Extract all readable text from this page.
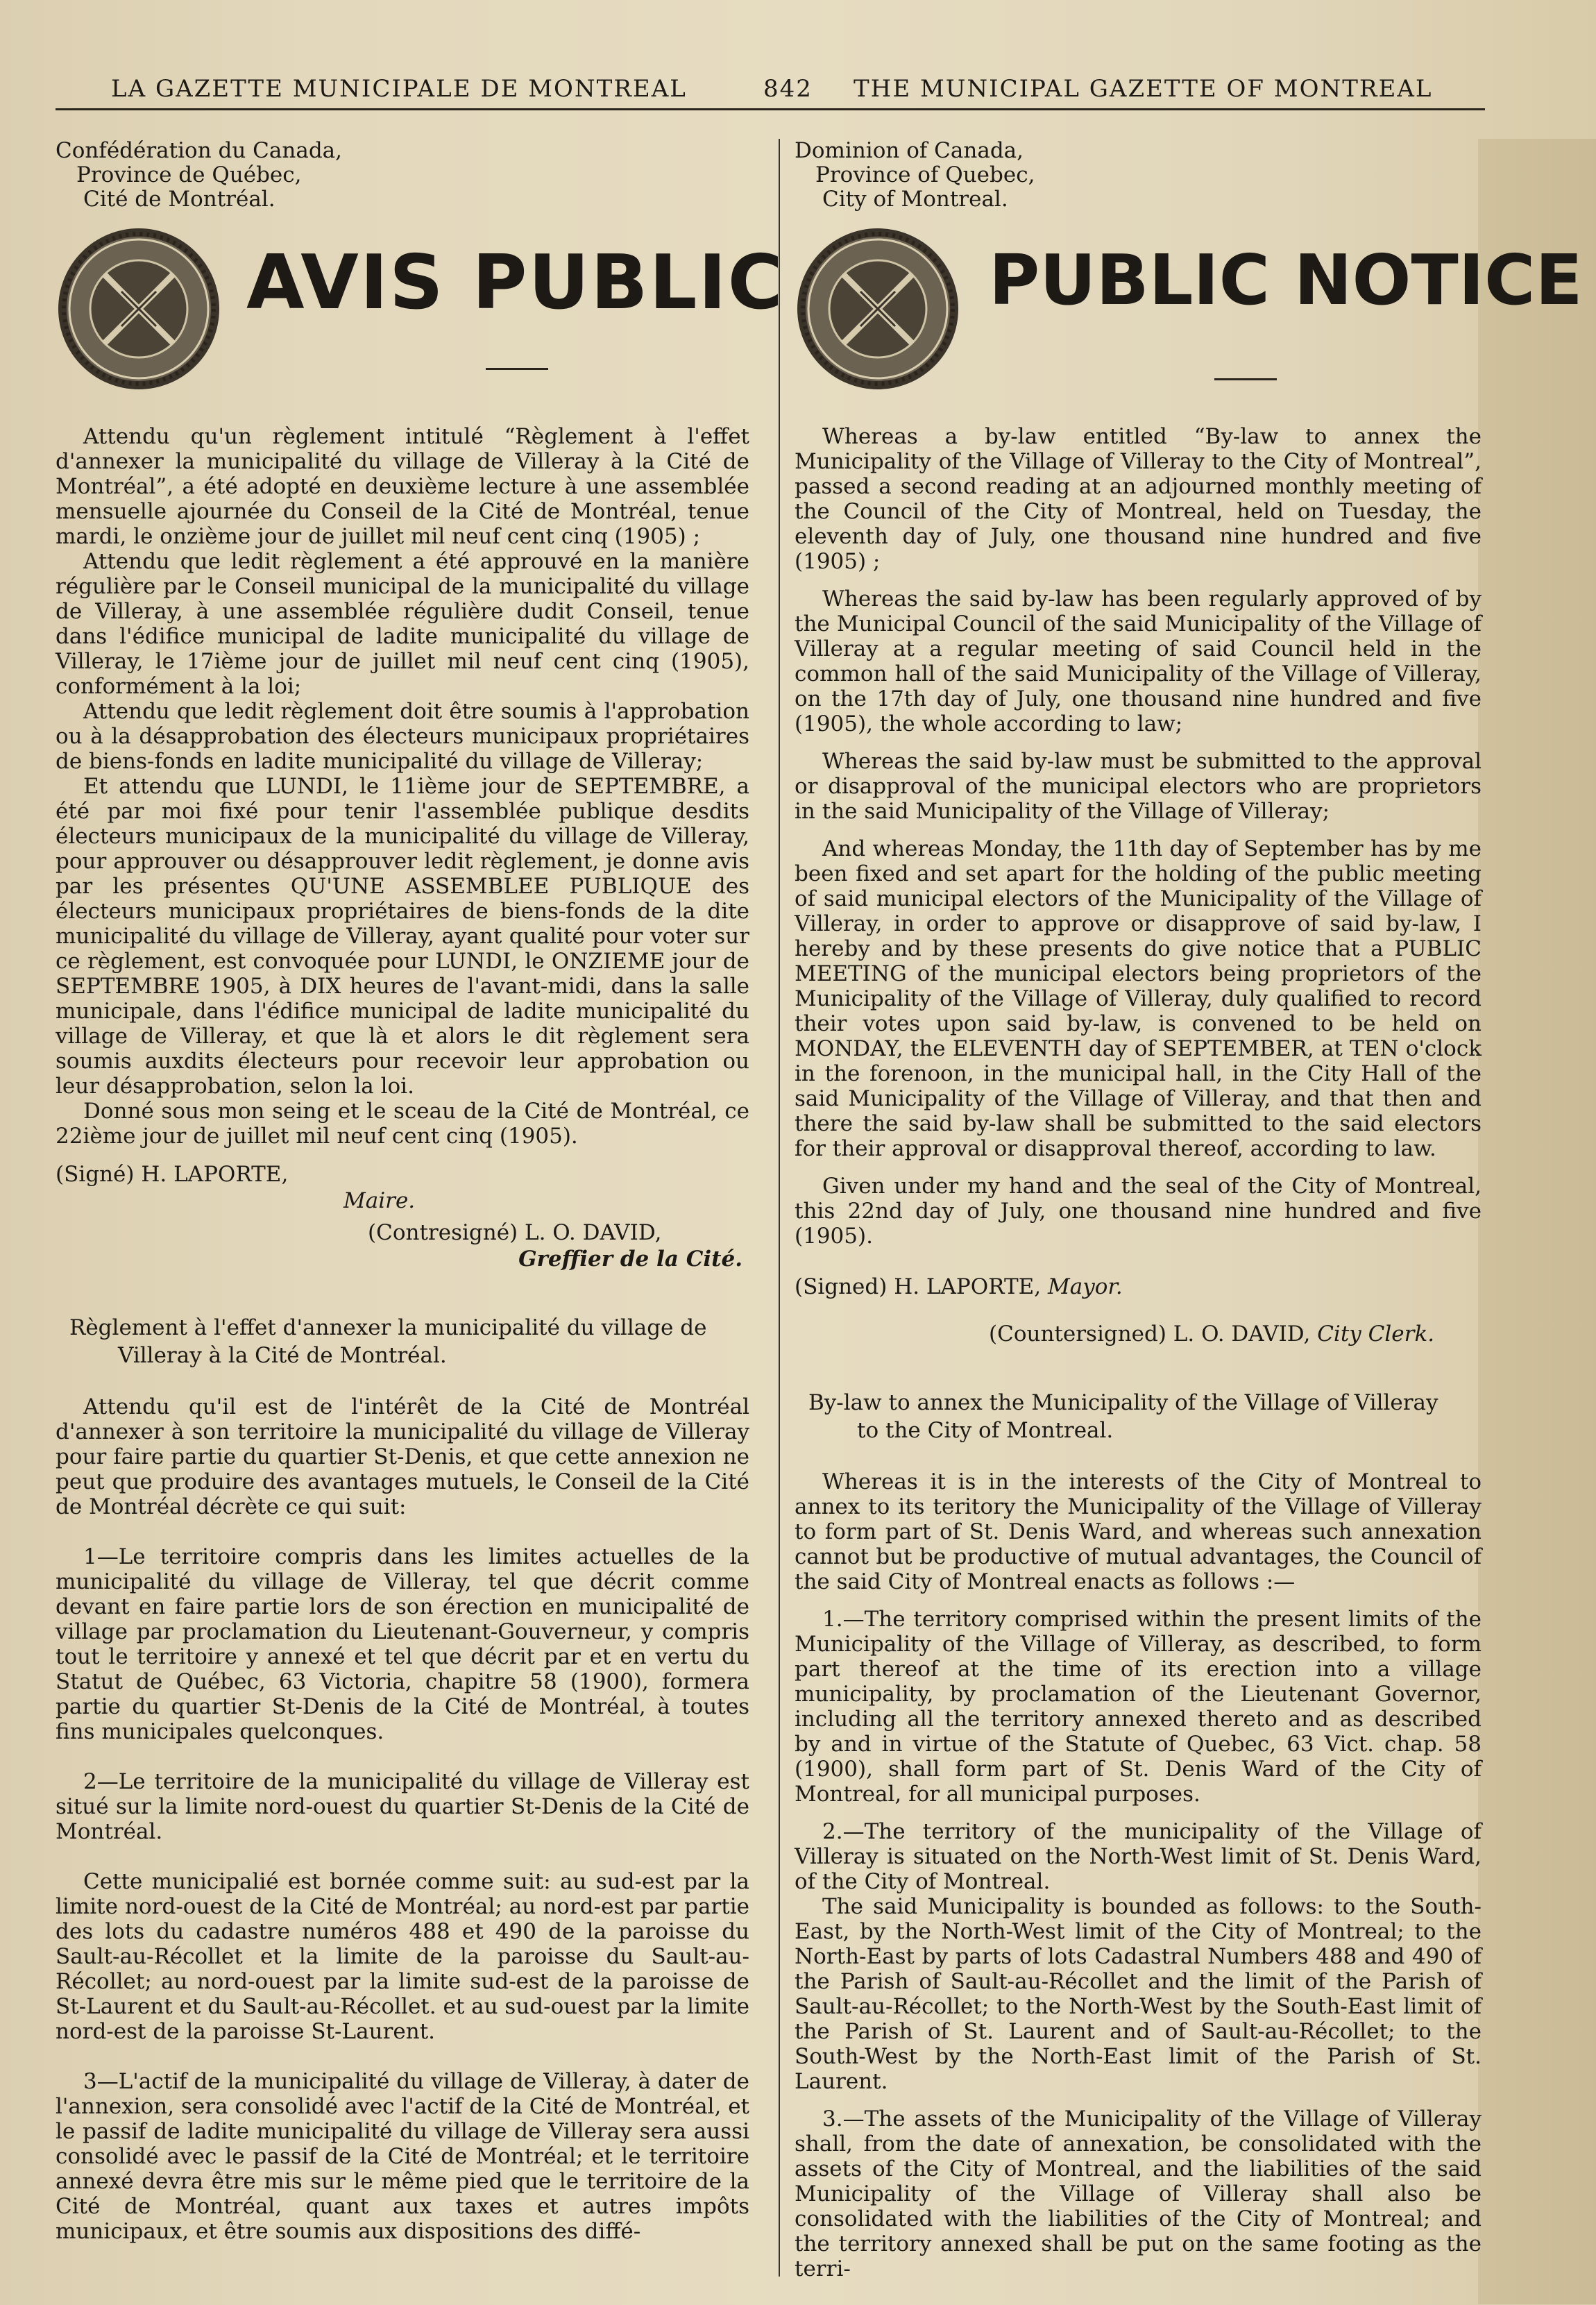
LA GAZETTE MUNICIPALE DE MONTREAL	842 THE MUNICIPAL GAZETTE OF MONTREAL
Confédération du Canada,
Province de Québec,
Cité de Montréal.
AVIS PUBLIC

Attendu qu'un règlement intitulé “Règlement à l'effet d'annexer la municipalité du village de Villeray à la Cité de Montréal”, a été adopté en deuxième lecture à une assemblée mensuelle ajournée du Conseil de la Cité de Montréal, tenue mardi, le onzième jour de juillet mil neuf cent cinq (1905) ;

Attendu que ledit règlement a été approuvé en la manière régulière par le Conseil municipal de la municipalité du village de Villeray, à une assemblée régulière dudit Conseil, tenue dans l'édifice municipal de ladite municipalité du village de Villeray, le 17ième jour de juillet mil neuf cent cinq (1905), conformément à la loi;

Attendu que ledit règlement doit être soumis à l'approbation ou à la désapprobation des électeurs municipaux propriétaires de biens-fonds en ladite municipalité du village de Villeray;

Et attendu que LUNDI, le 11ième jour de SEPTEMBRE, a été par moi fixé pour tenir l'assemblée publique desdits électeurs municipaux de la municipalité du village de Villeray, pour approuver ou désapprouver ledit règlement, je donne avis par les présentes QU'UNE ASSEMBLEE PUBLIQUE des électeurs municipaux propriétaires de biens-fonds de la dite municipalité du village de Villeray, ayant qualité pour voter sur ce règlement, est convoquée pour LUNDI, le ONZIEME jour de SEPTEMBRE 1905, à DIX heures de l'avant-midi, dans la salle municipale, dans l'édifice municipal de ladite municipalité du village de Villeray, et que là et alors le dit règlement sera soumis auxdits électeurs pour recevoir leur approbation ou leur désapprobation, selon la loi.

Donné sous mon seing et le sceau de la Cité de Montréal, ce 22ième jour de juillet mil neuf cent cinq (1905).

(Signé) H. LAPORTE,
Maire.
(Contresigné) L. O. DAVID,
Greffier de la Cité.
Règlement à l'effet d'annexer la municipalité du village de
Villeray à la Cité de Montréal.

Attendu qu'il est de l'intérêt de la Cité de Montréal d'annexer à son territoire la municipalité du village de Villeray pour faire partie du quartier St-Denis, et que cette annexion ne peut que produire des avantages mutuels, le Conseil de la Cité de Montréal décrète ce qui suit:

1—Le territoire compris dans les limites actuelles de la municipalité du village de Villeray, tel que décrit comme devant en faire partie lors de son érection en municipalité de village par proclamation du Lieutenant-Gouverneur, y compris tout le territoire y annexé et tel que décrit par et en vertu du Statut de Québec, 63 Victoria, chapitre 58 (1900), formera partie du quartier St-Denis de la Cité de Montréal, à toutes fins municipales quelconques.

2—Le territoire de la municipalité du village de Villeray est situé sur la limite nord-ouest du quartier St-Denis de la Cité de Montréal.

Cette municipalié est bornée comme suit: au sud-est par la limite nord-ouest de la Cité de Montréal; au nord-est par partie des lots du cadastre numéros 488 et 490 de la paroisse du Sault-au-Récollet et la limite de la paroisse du Sault-au-Récollet; au nord-ouest par la limite sud-est de la paroisse de St-Laurent et du Sault-au-Récollet. et au sud-ouest par la limite nord-est de la paroisse St-Laurent.

3—L'actif de la municipalité du village de Villeray, à dater de l'annexion, sera consolidé avec l'actif de la Cité de Montréal, et le passif de ladite municipalité du village de Villeray sera aussi consolidé avec le passif de la Cité de Montréal; et le territoire annexé devra être mis sur le même pied que le territoire de la Cité de Montréal, quant aux taxes et autres impôts municipaux, et être soumis aux dispositions des diffé-

Dominion of Canada,
Province of Quebec,
City of Montreal.
PUBLIC NOTICE

Whereas a by-law entitled “By-law to annex the Municipality of the Village of Villeray to the City of Montreal”, passed a second reading at an adjourned monthly meeting of the Council of the City of Montreal, held on Tuesday, the eleventh day of July, one thousand nine hundred and five (1905) ;

Whereas the said by-law has been regularly approved of by the Municipal Council of the said Municipality of the Village of Villeray at a regular meeting of said Council held in the common hall of the said Municipality of the Village of Villeray, on the 17th day of July, one thousand nine hundred and five (1905), the whole according to law;

Whereas the said by-law must be submitted to the approval or disapproval of the municipal electors who are proprietors in the said Municipality of the Village of Villeray;

And whereas Monday, the 11th day of September has by me been fixed and set apart for the holding of the public meeting of said municipal electors of the Municipality of the Village of Villeray, in order to approve or disapprove of said by-law, I hereby and by these presents do give notice that a PUBLIC MEETING of the municipal electors being proprietors of the Municipality of the Village of Villeray, duly qualified to record their votes upon said by-law, is convened to be held on MONDAY, the ELEVENTH day of SEPTEMBER, at TEN o'clock in the forenoon, in the municipal hall, in the City Hall of the said Municipality of the Village of Villeray, and that then and there the said by-law shall be submitted to the said electors for their approval or disapproval thereof, according to law.

Given under my hand and the seal of the City of Montreal, this 22nd day of July, one thousand nine hundred and five (1905).

(Signed) H. LAPORTE, Mayor.
(Countersigned) L. O. DAVID, City Clerk.
By-law to annex the Municipality of the Village of Villeray
to the City of Montreal.

Whereas it is in the interests of the City of Montreal to annex to its teritory the Municipality of the Village of Villeray to form part of St. Denis Ward, and whereas such annexation cannot but be productive of mutual advantages, the Council of the said City of Montreal enacts as follows :—

1.—The territory comprised within the present limits of the Municipality of the Village of Villeray, as described, to form part thereof at the time of its erection into a village municipality, by proclamation of the Lieutenant Governor, including all the territory annexed thereto and as described by and in virtue of the Statute of Quebec, 63 Vict. chap. 58 (1900), shall form part of St. Denis Ward of the City of Montreal, for all municipal purposes.

2.—The territory of the municipality of the Village of Villeray is situated on the North-West limit of St. Denis Ward, of the City of Montreal.

The said Municipality is bounded as follows: to the South-East, by the North-West limit of the City of Montreal; to the North-East by parts of lots Cadastral Numbers 488 and 490 of the Parish of Sault-au-Récollet and the limit of the Parish of Sault-au-Récollet; to the North-West by the South-East limit of the Parish of St. Laurent and of Sault-au-Récollet; to the South-West by the North-East limit of the Parish of St. Laurent.

3.—The assets of the Municipality of the Village of Villeray shall, from the date of annexation, be consolidated with the assets of the City of Montreal, and the liabilities of the said Municipality of the Village of Villeray shall also be consolidated with the liabilities of the City of Montreal; and the territory annexed shall be put on the same footing as the terri-
